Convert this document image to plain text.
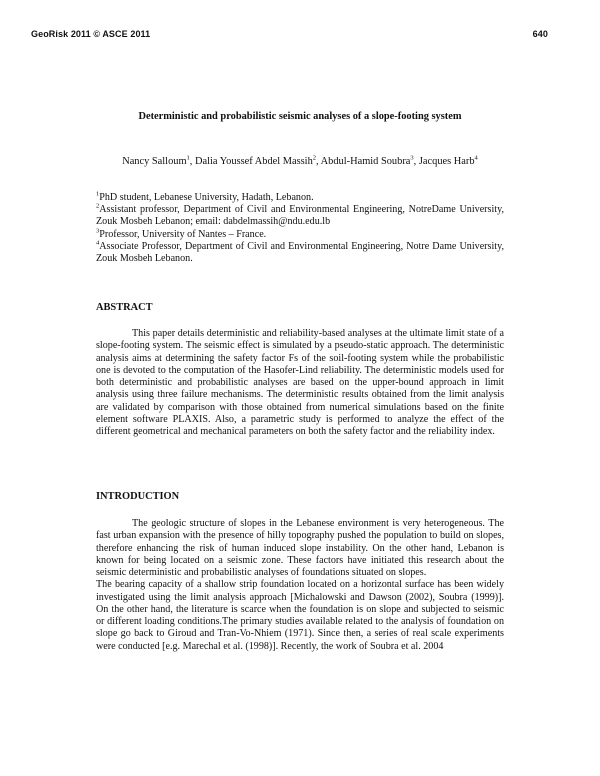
GeoRisk 2011 © ASCE 2011	640
Deterministic and probabilistic seismic analyses of a slope-footing system
Nancy Salloum$^1$, Dalia Youssef Abdel Massih$^2$, Abdul-Hamid Soubra$^3$, Jacques Harb$^4$

$^1$PhD student, Lebanese University, Hadath, Lebanon.

$^2$Assistant professor, Department of Civil and Environmental Engineering, NotreDame University, Zouk Mosbeh Lebanon; email: dabdelmassih@ndu.edu.lb

$^3$Professor, University of Nantes – France.

$^4$Associate Professor, Department of Civil and Environmental Engineering, Notre Dame University, Zouk Mosbeh Lebanon.

ABSTRACT

This paper details deterministic and reliability-based analyses at the ultimate limit state of a slope-footing system. The seismic effect is simulated by a pseudo-static approach. The deterministic analysis aims at determining the safety factor Fs of the soil-footing system while the probabilistic one is devoted to the computation of the Hasofer-Lind reliability. The deterministic models used for both deterministic and probabilistic analyses are based on the upper-bound approach in limit analysis using three failure mechanisms. The deterministic results obtained from the limit analysis are validated by comparison with those obtained from numerical simulations based on the finite element software PLAXIS. Also, a parametric study is performed to analyze the effect of the different geometrical and mechanical parameters on both the safety factor and the reliability index.

INTRODUCTION

The geologic structure of slopes in the Lebanese environment is very heterogeneous. The fast urban expansion with the presence of hilly topography pushed the population to build on slopes, therefore enhancing the risk of human induced slope instability. On the other hand, Lebanon is known for being located on a seismic zone. These factors have initiated this research about the seismic deterministic and probabilistic analyses of foundations situated on slopes.

The bearing capacity of a shallow strip foundation located on a horizontal surface has been widely investigated using the limit analysis approach [Michalowski and Dawson (2002), Soubra (1999)]. On the other hand, the literature is scarce when the foundation is on slope and subjected to seismic or different loading conditions.The primary studies available related to the analysis of foundation on slope go back to Giroud and Tran-Vo-Nhiem (1971). Since then, a series of real scale experiments were conducted [e.g. Marechal et al. (1998)]. Recently, the work of Soubra et al. 2004
